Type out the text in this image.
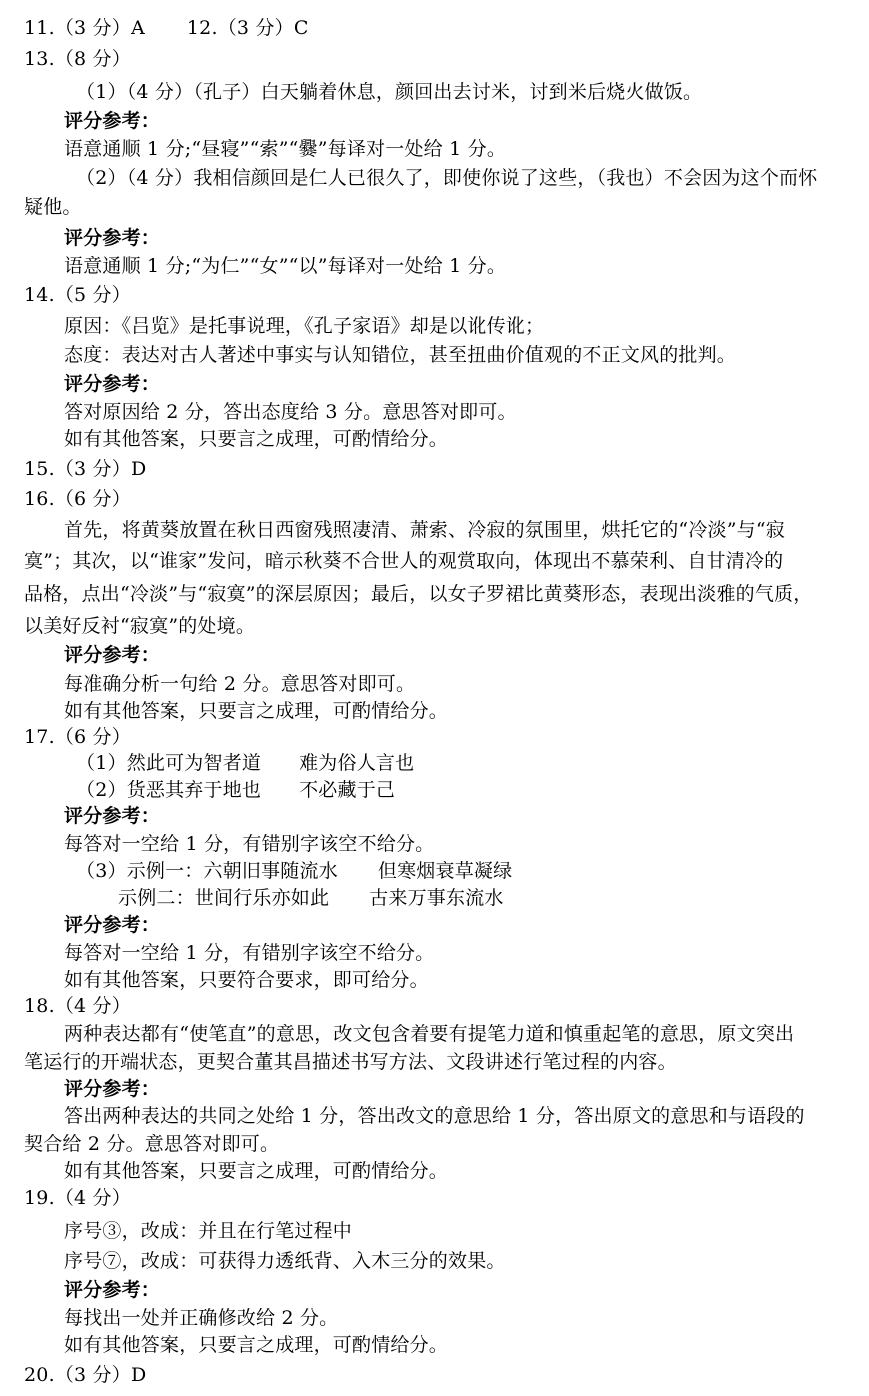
11.（3 分）A 12.（3 分）C
13.（8 分）
（1）（4 分）（孔子）白天躺着休息，颜回出去讨米，讨到米后烧火做饭。
评分参考：
语意通顺 1 分;“昼寝”“索”“爨”每译对一处给 1 分。
（2）（4 分）我相信颜回是仁人已很久了，即使你说了这些，（我也）不会因为这个而怀
疑他。
评分参考：
语意通顺 1 分;“为仁”“女”“以”每译对一处给 1 分。
14.（5 分）
原因：《吕览》是托事说理，《孔子家语》却是以讹传讹；
态度：表达对古人著述中事实与认知错位，甚至扭曲价值观的不正文风的批判。
评分参考：
答对原因给 2 分，答出态度给 3 分。意思答对即可。
如有其他答案，只要言之成理，可酌情给分。
15.（3 分）D
16.（6 分）
首先，将黄葵放置在秋日西窗残照凄清、萧索、冷寂的氛围里，烘托它的“冷淡”与“寂
寞”；其次，以“谁家”发问，暗示秋葵不合世人的观赏取向，体现出不慕荣利、自甘清冷的
品格，点出“冷淡”与“寂寞”的深层原因；最后，以女子罗裙比黄葵形态，表现出淡雅的气质，
以美好反衬“寂寞”的处境。
评分参考：
每准确分析一句给 2 分。意思答对即可。
如有其他答案，只要言之成理，可酌情给分。
17.（6 分）
（1）然此可为智者道 难为俗人言也
（2）货恶其弃于地也 不必藏于己
评分参考：
每答对一空给 1 分，有错别字该空不给分。
（3）示例一：六朝旧事随流水 但寒烟衰草凝绿
示例二：世间行乐亦如此 古来万事东流水
评分参考：
每答对一空给 1 分，有错别字该空不给分。
如有其他答案，只要符合要求，即可给分。
18.（4 分）
两种表达都有“使笔直”的意思，改文包含着要有提笔力道和慎重起笔的意思，原文突出
笔运行的开端状态，更契合董其昌描述书写方法、文段讲述行笔过程的内容。
评分参考：
答出两种表达的共同之处给 1 分，答出改文的意思给 1 分，答出原文的意思和与语段的
契合给 2 分。意思答对即可。
如有其他答案，只要言之成理，可酌情给分。
19.（4 分）
序号③，改成：并且在行笔过程中
序号⑦，改成：可获得力透纸背、入木三分的效果。
评分参考：
每找出一处并正确修改给 2 分。
如有其他答案，只要言之成理，可酌情给分。
20.（3 分）D
